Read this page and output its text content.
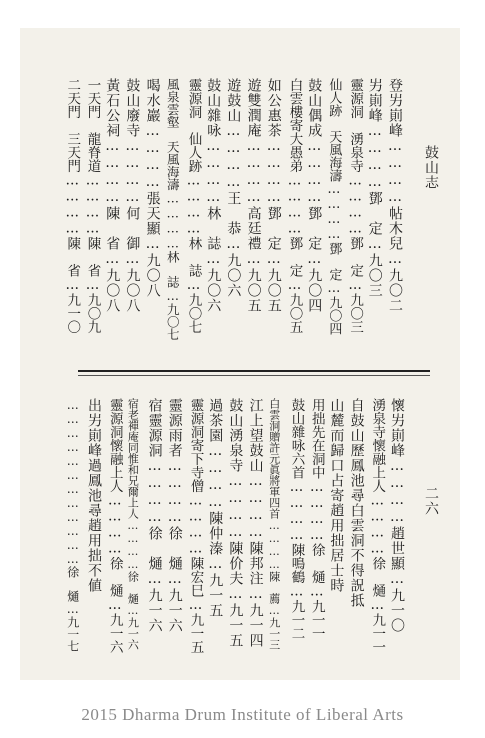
鼓山志
二六
登屴崱峰…………帖木兒…九〇二
屴崱峰…………鄧　定…九〇三
靈源洞　湧泉寺…………鄧　定…九〇三
仙人跡　天風海濤…………鄧　定…九〇四
鼓山偶成…………鄧　定…九〇四
白雲樓寄大愚弟…………鄧　定…九〇五
如公惠茶…………鄧　定…九〇五
遊雙潤庵…………高廷禮…九〇五
遊鼓山…………王　恭…九〇六
鼓山雜咏…………林　誌…九〇六
靈源洞　仙人跡…………林　誌…九〇七
風泉雲壑　天風海濤…………林　誌…九〇七
喝水巖…………張天顯…九〇八
鼓山廢寺…………何　御…九〇八
黃石公祠…………陳　省…九〇八
一天門　龍脊道…………陳　省…九〇九
二天門　三天門…………陳　省…九一〇
懷屴崱峰…………趙世顯…九一〇
湧泉寺懷融上人…………徐　熥…九一一
自鼓山歷鳳池尋白雲洞不得詋抵
山麓而歸口占寄趙用拙居士時
用拙先在洞中…………徐　熥…九一一
鼓山雜咏六首…………陳鳴鶴…九一二
白雲洞贈許元眞將軍四首…………陳　薦…九一三
江上望鼓山…………陳邦注…九一四
鼓山湧泉寺…………陳价夫…九一五
過茶園…………陳仲溱…九一五
靈源洞寄下寺僧…………陳宏巳…九一五
靈源雨者…………徐　熥…九一六
宿靈源洞…………徐　熥…九一六
宿老禪庵同惟和兄爾上人…………徐　熥…九一六
靈源洞懷融上人…………徐　熥…九一六
出屴崱峰過鳳池尋趙用拙不値
………………………………徐　熥…九一七
2015 Dharma Drum Institute of Liberal Arts
